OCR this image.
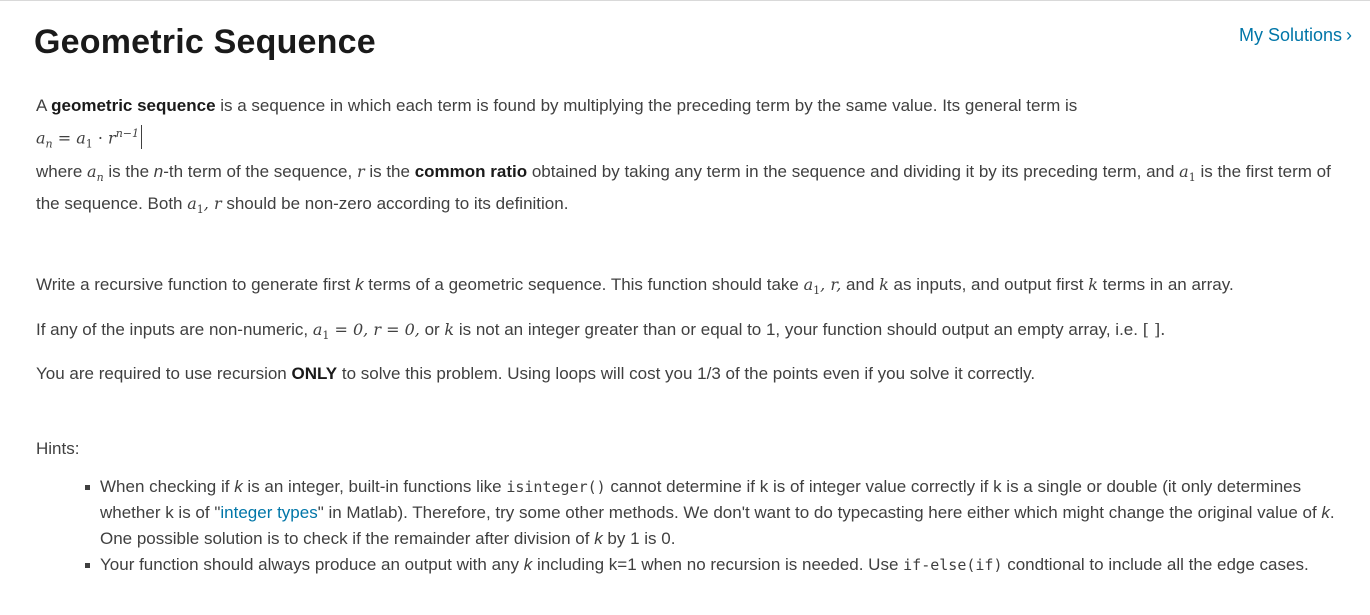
Geometric Sequence	My Solutions ›

A geometric sequence is a sequence in which each term is found by multiplying the preceding term by the same value. Its general term is

$a_n = a_1 \cdot r^{n-1}$

where $a_n$ is the n-th term of the sequence, r is the common ratio obtained by taking any term in the sequence and dividing it by its preceding term, and $a_1$ is the first term of the sequence. Both $a_1$, r should be non-zero according to its definition.

Write a recursive function to generate first k terms of a geometric sequence. This function should take $a_1$, r, and k as inputs, and output first k terms in an array.

If any of the inputs are non-numeric, $a_1 = 0$, r = 0, or k is not an integer greater than or equal to 1, your function should output an empty array, i.e. [ ].

You are required to use recursion ONLY to solve this problem. Using loops will cost you 1/3 of the points even if you solve it correctly.

Hints:

When checking if k is an integer, built-in functions like isinteger() cannot determine if k is of integer value correctly if k is a single or double (it only determines whether k is of "integer types" in Matlab). Therefore, try some other methods. We don't want to do typecasting here either which might change the original value of k. One possible solution is to check if the remainder after division of k by 1 is 0.
Your function should always produce an output with any k including k=1 when no recursion is needed. Use if-else(if) condtional to include all the edge cases.
